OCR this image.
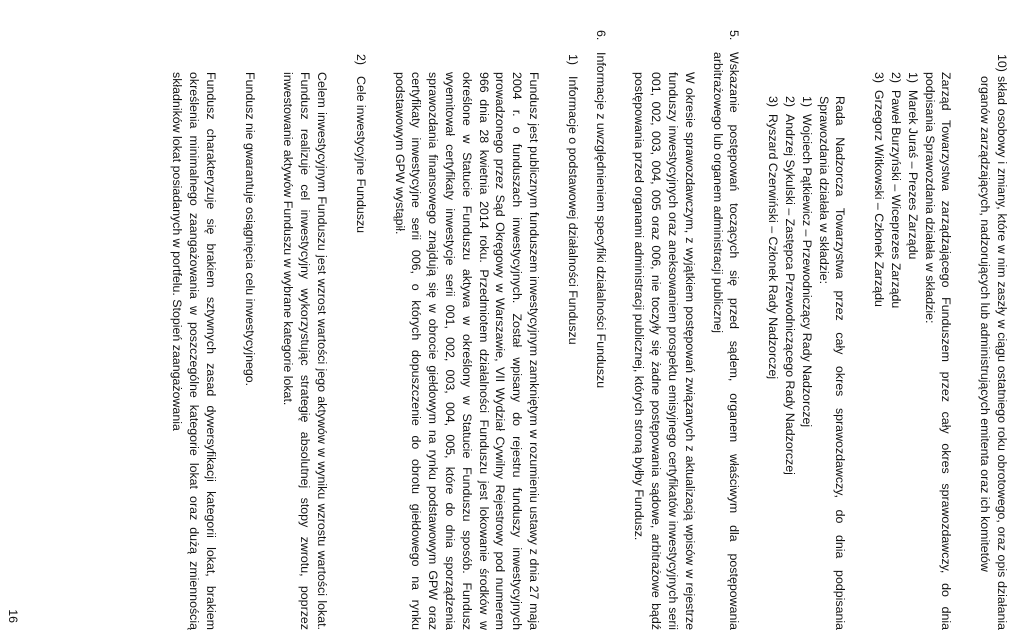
10)
skład osobowy i zmiany, które w nim zaszły w ciągu ostatniego roku obrotowego, oraz opis działania organów zarządzających, nadzorujących lub administrujących emitenta oraz ich komitetów

Zarząd Towarzystwa zarządzającego Funduszem przez cały okres sprawozdawczy, do dnia podpisania Sprawozdania działała w składzie:

1)
Marek Juraś – Prezes Zarządu

2)
Paweł Burzyński – Wiceprezes Zarządu

3)
Grzegorz Witkowski – Członek Zarządu

Rada Nadzorcza Towarzystwa przez cały okres sprawozdawczy, do dnia podpisania Sprawozdania działała w składzie:

1)
Wojciech Pątkiewicz – Przewodniczący Rady Nadzorczej

2)
Andrzej Sykulski – Zastępca Przewodniczącego Rady Nadzorczej

3)
Ryszard Czerwiński – Członek Rady Nadzorczej

5.
Wskazanie postępowań toczących się przed sądem, organem właściwym dla postępowania arbitrażowego lub organem administracji publicznej

W okresie sprawozdawczym, z wyjątkiem postępowań związanych z aktualizacją wpisów w rejestrze funduszy inwestycyjnych oraz aneksowaniem prospektu emisyjnego certyfikatów inwestycyjnych serii 001, 002, 003, 004, 005 oraz 006, nie toczyły się żadne postępowania sądowe, arbitrażowe bądź postępowania przed organami administracji publicznej, których stroną byłby Fundusz.

6.
Informacje z uwzględnieniem specyfiki działalności Funduszu

1)
Informacje o podstawowej działalności Funduszu

Fundusz jest publicznym funduszem inwestycyjnym zamkniętym w rozumieniu ustawy z dnia 27 maja 2004 r. o funduszach inwestycyjnych. Został wpisany do rejestru funduszy inwestycyjnych prowadzonego przez Sąd Okręgowy w Warszawie, VII Wydział Cywilny Rejestrowy pod numerem 966 dnia 28 kwietnia 2014 roku. Przedmiotem działalności Funduszu jest lokowanie środków w określone w Statucie Funduszu aktywa w określony w Statucie Funduszu sposób. Fundusz wyemitował certyfikaty inwestycje serii 001, 002, 003, 004, 005, które do dnia sporządzenia sprawozdania finansowego znajdują się w obrocie giełdowym na rynku podstawowym GPW oraz certyfikaty inwestycyjne serii 006, o których dopuszczenie do obrotu giełdowego na rynku podstawowym GPW wystąpił.

2)
Cele inwestycyjne Funduszu

Celem inwestycyjnym Funduszu jest wzrost wartości jego aktywów w wyniku wzrostu wartości lokat. Fundusz realizuje cel inwestycyjny wykorzystując strategię absolutnej stopy zwrotu, poprzez inwestowanie aktywów Funduszu w wybrane kategorie lokat.

Fundusz nie gwarantuje osiągnięcia celu inwestycyjnego.

Fundusz charakteryzuje się brakiem sztywnych zasad dywersyfikacji kategorii lokat, brakiem określenia minimalnego zaangażowania w poszczególne kategorie lokat oraz dużą zmiennością składników lokat posiadanych w portfelu. Stopień zaangażowania

16
